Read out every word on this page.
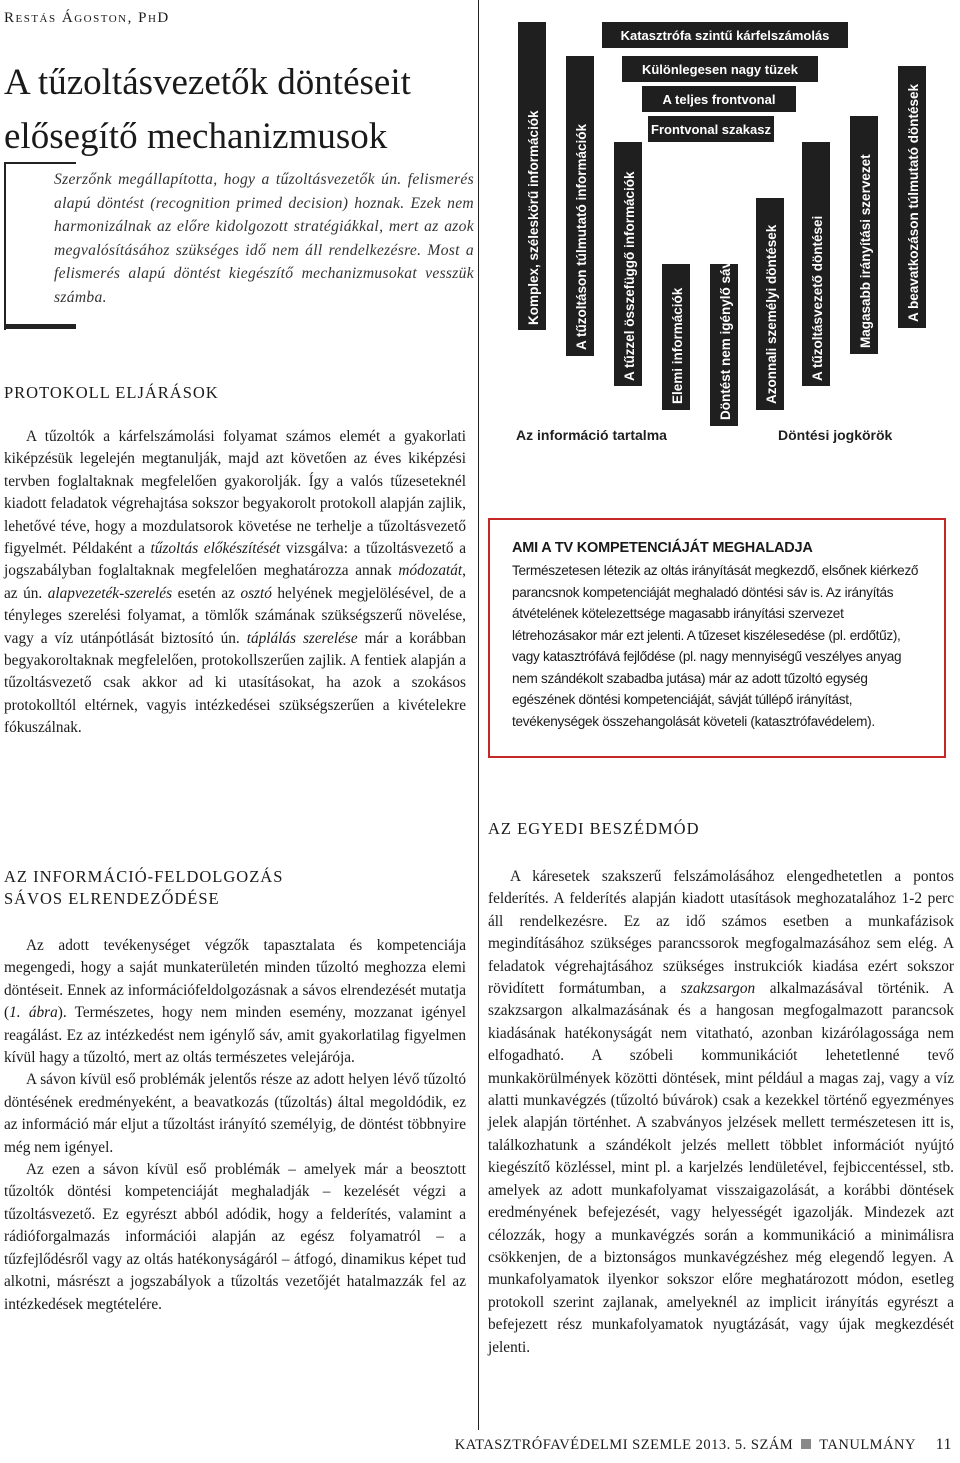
Restás Ágoston, PhD
A tűzoltásvezetők döntéseit elősegítő mechanizmusok

Szerzőnk megállapította, hogy a tűzoltásvezetők ún. felismerés alapú döntést (recognition primed decision) hoznak. Ezek nem harmonizálnak az előre kidolgozott stratégiákkal, mert az azok megvalósításához szükséges idő nem áll rendelkezésre. Most a felismerés alapú döntést kiegészítő mechanizmusokat vesszük számba.

PROTOKOLL ELJÁRÁSOK

A tűzoltók a kárfelszámolási folyamat számos elemét a gyakorlati kiképzésük legelején megtanulják, majd azt követően az éves kiképzési tervben foglaltaknak megfelelően gyakorolják. Így a valós tűzeseteknél kiadott feladatok végrehajtása sokszor begyakorolt protokoll alapján zajlik, lehetővé téve, hogy a mozdulatsorok követése ne terhelje a tűzoltásvezető figyelmét. Példaként a tűzoltás előkészítését vizsgálva: a tűzoltásvezető a jogszabályban foglaltaknak megfelelően meghatározza annak módozatát, az ún. alapvezeték-szerelés esetén az osztó helyének megjelölésével, de a tényleges szerelési folyamat, a tömlők számának szükségszerű növelése, vagy a víz utánpótlását biztosító ún. táplálás szerelése már a korábban begyakoroltaknak megfelelően, protokollszerűen zajlik. A fentiek alapján a tűzoltásvezető csak akkor ad ki utasításokat, ha azok a szokásos protokolltól eltérnek, vagyis intézkedései szükségszerűen a kivételekre fókuszálnak.

AZ INFORMÁCIÓ-FELDOLGOZÁS
SÁVOS ELRENDEZŐDÉSE

Az adott tevékenységet végzők tapasztalata és kompetenciája megengedi, hogy a saját munkaterületén minden tűzoltó meghozza elemi döntéseit. Ennek az információfeldolgozásnak a sávos elrendezését mutatja (1. ábra). Természetes, hogy nem minden esemény, mozzanat igényel reagálást. Ez az intézkedést nem igénylő sáv, amit gyakorlatilag figyelmen kívül hagy a tűzoltó, mert az oltás természetes velejárója.

A sávon kívül eső problémák jelentős része az adott helyen lévő tűzoltó döntésének eredményeként, a beavatkozás (tűzoltás) által megoldódik, ez az információ már eljut a tűzoltást irányító személyig, de döntést többnyire még nem igényel.

Az ezen a sávon kívül eső problémák – amelyek már a beosztott tűzoltók döntési kompetenciáját meghaladják – kezelését végzi a tűzoltásvezető. Ez egyrészt abból adódik, hogy a felderítés, valamint a rádióforgalmazás információi alapján az egész folyamatról – a tűzfejlődésről vagy az oltás hatékonyságáról – átfogó, dinamikus képet tud alkotni, másrészt a jogszabályok a tűzoltás vezetőjét hatalmazzák fel az intézkedések megtételére.

Katasztrófa szintű kárfelszámolás
Különlegesen nagy tüzek
A teljes frontvonal
Frontvonal szakasz
Komplex, széleskörű információk A tűzoltáson túlmutató információk A tűzzel összefüggő információk Elemi információk Döntést nem igénylő sáv Azonnali személyi döntések A tűzoltásvezető döntései Magasabb irányítási szervezet A beavatkozáson túlmutató döntések
Az információ tartalma	Döntési jogkörök
AMI A TV KOMPETENCIÁJÁT MEGHALADJA
Természetesen létezik az oltás irányítását megkezdő, elsőnek kiérkező parancsnok kompetenciáját meghaladó döntési sáv is. Az irányítás átvételének kötelezettsége magasabb irányítási szervezet létrehozásakor már ezt jelenti. A tűzeset kiszélesedése (pl. erdőtűz), vagy katasztrófává fejlődése (pl. nagy mennyiségű veszélyes anyag nem szándékolt szabadba jutása) már az adott tűzoltó egység egészének döntési kompetenciáját, sávját túllépő irányítást, tevékenységek összehangolását követeli (katasztrófavédelem).
AZ EGYEDI BESZÉDMÓD

A káresetek szakszerű felszámolásához elengedhetetlen a pontos felderítés. A felderítés alapján kiadott utasítások meghozatalához 1-2 perc áll rendelkezésre. Ez az idő számos esetben a munkafázisok megindításához szükséges parancssorok megfogalmazásához sem elég. A feladatok végrehajtásához szükséges instrukciók kiadása ezért sokszor rövidített formátumban, a szakzsargon alkalmazásával történik. A szakzsargon alkalmazásának és a hangosan megfogalmazott parancsok kiadásának hatékonyságát nem vitatható, azonban kizárólagossága nem elfogadható. A szóbeli kommunikációt lehetetlenné tevő munkakörülmények közötti döntések, mint például a magas zaj, vagy a víz alatti munkavégzés (tűzoltó búvárok) csak a kezekkel történő egyezményes jelek alapján történhet. A szabványos jelzések mellett természetesen itt is, találkozhatunk a szándékolt jelzés mellett többlet információt nyújtó kiegészítő közléssel, mint pl. a karjelzés lendületével, fejbiccentéssel, stb. amelyek az adott munkafolyamat visszaigazolását, a korábbi döntések eredményének befejezését, vagy helyességét igazolják. Mindezek azt célozzák, hogy a munkavégzés során a kommunikáció a minimálisra csökkenjen, de a biztonságos munkavégzéshez még elegendő legyen. A munkafolyamatok ilyenkor sokszor előre meghatározott módon, esetleg protokoll szerint zajlanak, amelyeknél az implicit irányítás egyrészt a befejezett rész munkafolyamatok nyugtázását, vagy újak megkezdését jelenti.

KATASZTRÓFAVÉDELMI SZEMLE 2013. 5. SZÁM TANULMÁNY 11
